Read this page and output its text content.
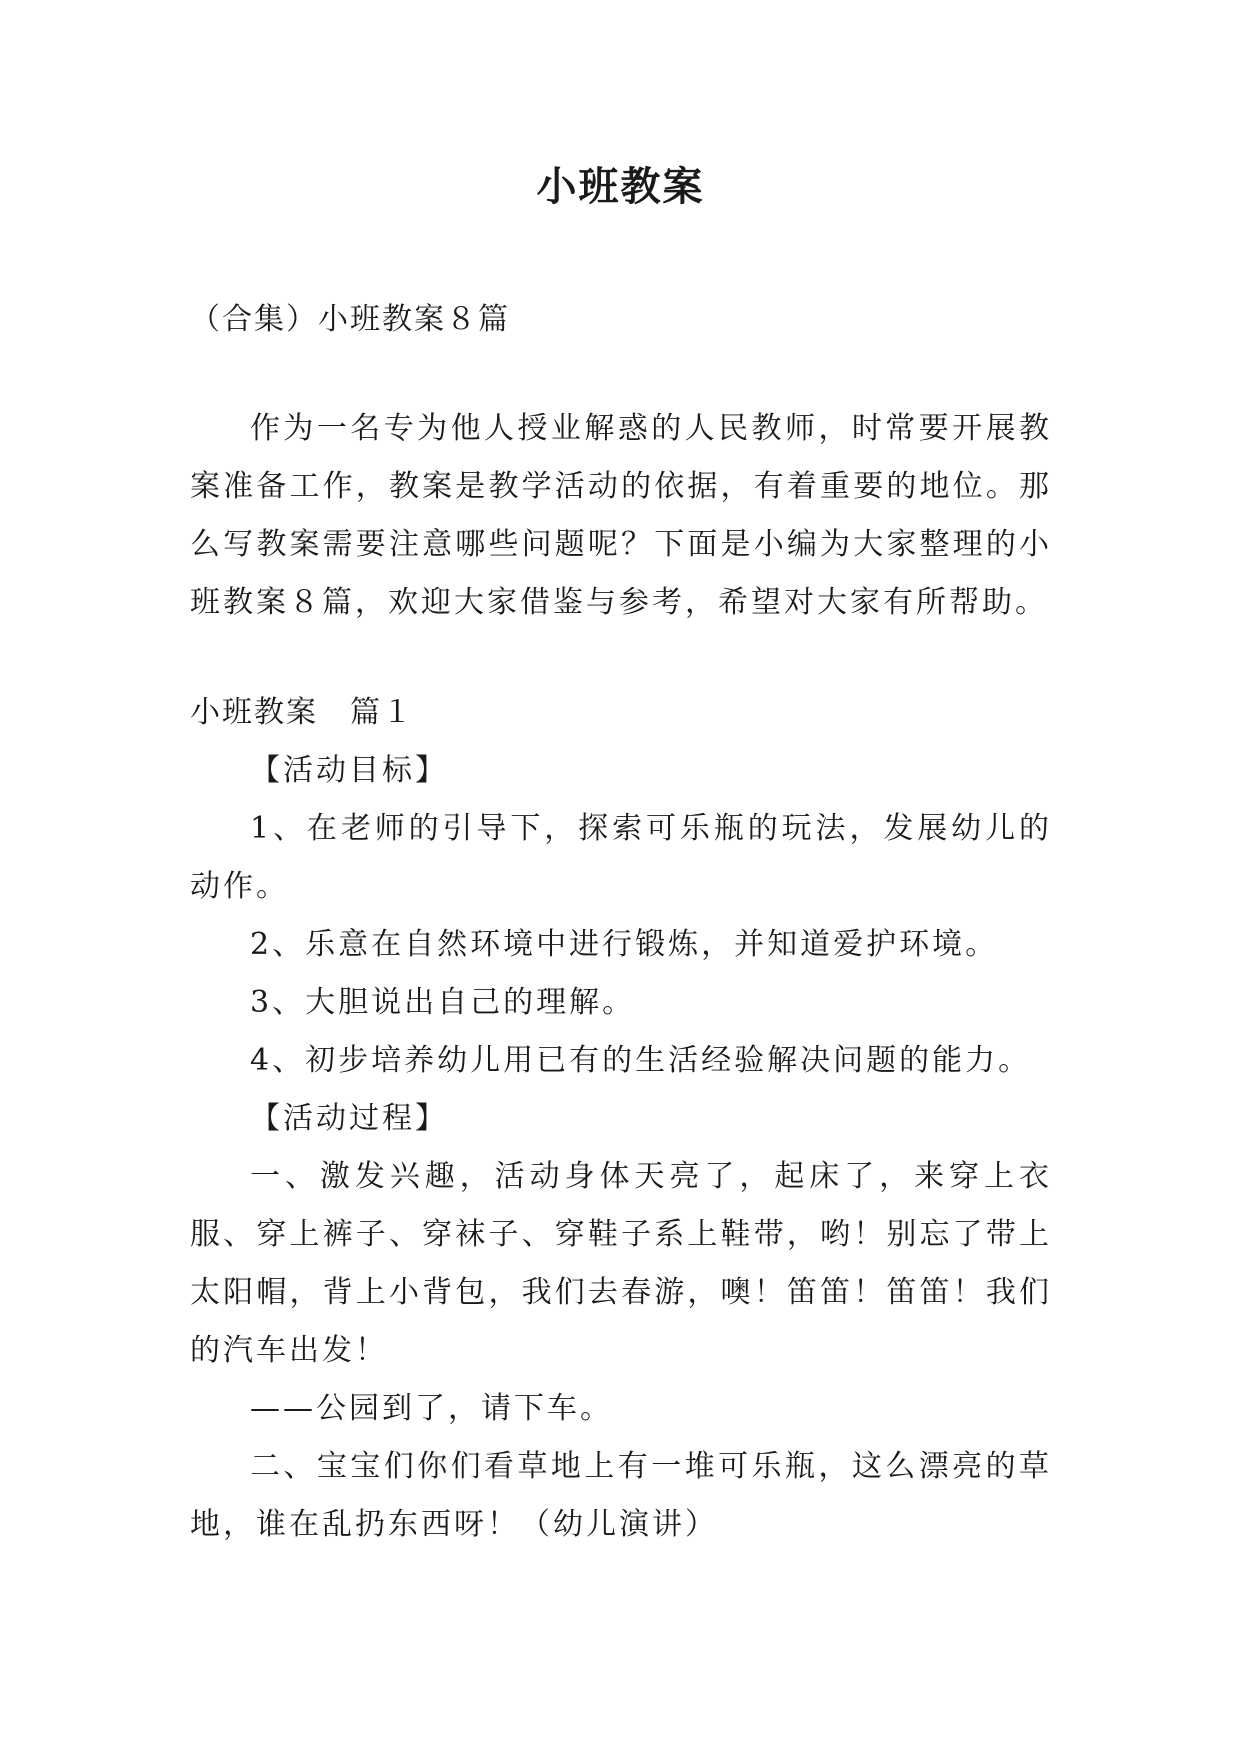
小班教案

（合集）小班教案８篇

作为一名专为他人授业解惑的人民教师，时常要开展教案准备工作，教案是教学活动的依据，有着重要的地位。那么写教案需要注意哪些问题呢？下面是小编为大家整理的小班教案８篇，欢迎大家借鉴与参考，希望对大家有所帮助。

小班教案　篇１

【活动目标】

1、在老师的引导下，探索可乐瓶的玩法，发展幼儿的动作。

2、乐意在自然环境中进行锻炼，并知道爱护环境。

3、大胆说出自己的理解。

4、初步培养幼儿用已有的生活经验解决问题的能力。

【活动过程】

一、激发兴趣，活动身体天亮了，起床了，来穿上衣服、穿上裤子、穿袜子、穿鞋子系上鞋带，哟！别忘了带上太阳帽，背上小背包，我们去春游，噢！笛笛！笛笛！我们的汽车出发！

——公园到了，请下车。

二、宝宝们你们看草地上有一堆可乐瓶，这么漂亮的草地，谁在乱扔东西呀！（幼儿演讲）
